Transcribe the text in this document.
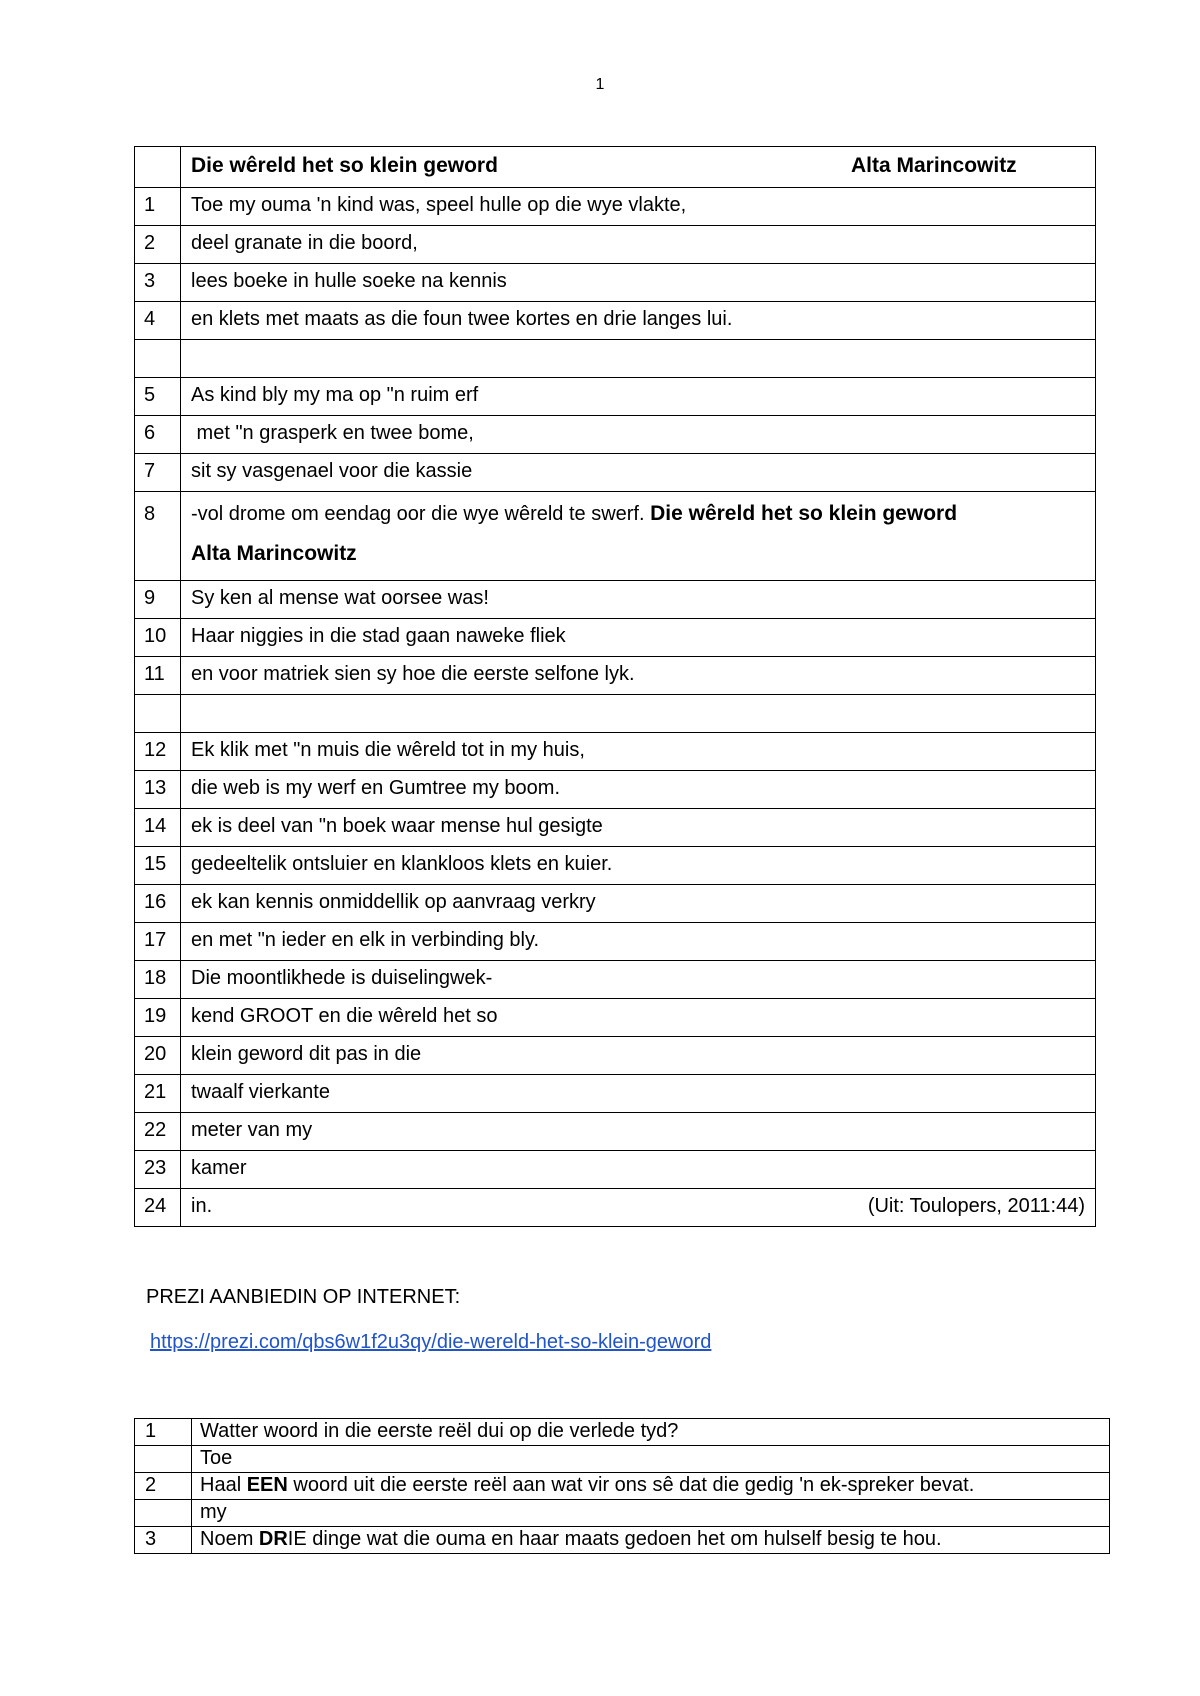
1
	Die wêreld het so klein geword Alta Marincowitz

1	Toe my ouma 'n kind was, speel hulle op die wye vlakte,
2	deel granate in die boord,
3	lees boeke in hulle soeke na kennis
4	en klets met maats as die foun twee kortes en drie langes lui.

5	As kind bly my ma op "n ruim erf
6	met "n grasperk en twee bome,
7	sit sy vasgenael voor die kassie
8	-vol drome om eendag oor die wye wêreld te swerf. Die wêreld het so klein geword
Alta Marincowitz
9	Sy ken al mense wat oorsee was!
10	Haar niggies in die stad gaan naweke fliek
11	en voor matriek sien sy hoe die eerste selfone lyk.

12	Ek klik met "n muis die wêreld tot in my huis,
13	die web is my werf en Gumtree my boom.
14	ek is deel van "n boek waar mense hul gesigte
15	gedeeltelik ontsluier en klankloos klets en kuier.
16	ek kan kennis onmiddellik op aanvraag verkry
17	en met "n ieder en elk in verbinding bly.
18	Die moontlikhede is duiselingwek-
19	kend GROOT en die wêreld het so
20	klein geword dit pas in die
21	twaalf vierkante
22	meter van my
23	kamer
24	in. (Uit: Toulopers, 2011:44)
PREZI AANBIEDIN OP INTERNET:
https://prezi.com/qbs6w1f2u3qy/die-wereld-het-so-klein-geword
1	Watter woord in die eerste reël dui op die verlede tyd?
	Toe
2	Haal EEN woord uit die eerste reël aan wat vir ons sê dat die gedig 'n ek-spreker bevat.
	my
3	Noem DRIE dinge wat die ouma en haar maats gedoen het om hulself besig te hou.
